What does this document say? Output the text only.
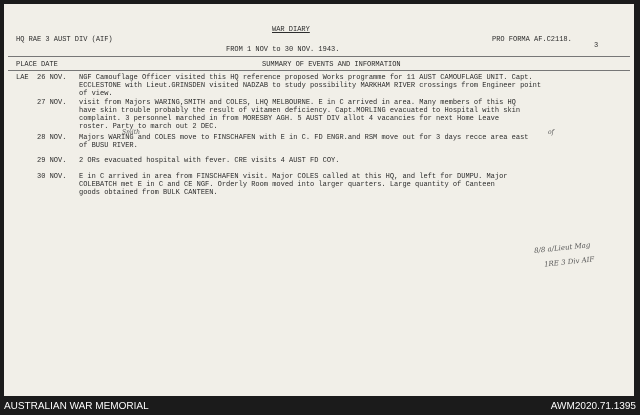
WAR DIARY
HQ RAE 3 AUST DIV (AIF)	PRO FORMA AF.C2118.
3
FROM 1 NOV to 30 NOV. 1943.
PLACE DATE	SUMMARY OF EVENTS AND INFORMATION
LAE	26 NOV.	NGF Camouflage Officer visited this HQ reference proposed Works programme for 11 AUST CAMOUFLAGE UNIT. Capt.
ECCLESTONE with Lieut.GRINSDEN visited NADZAB to study possibility MARKHAM RIVER crossings from Engineer point
of view.
27 NOV.	visit from Majors WARING,SMITH and COLES, LHQ MELBOURNE. E in C arrived in area. Many members of this HQ
have skin trouble probably the result of vitamen deficiency. Capt.MORLING evacuated to Hospital with skin
complaint. 3 personnel marched in from MORESBY AGH. 5 AUST DIV allot 4 vacancies for next Home Leave
roster. Party to march out 2 DEC.
28 NOV.	Majors WARING and COLES move to FINSCHAFEN with E in C. FD ENGR.and RSM move out for 3 days recce area east
of BUSU RIVER.
29 NOV.	2 ORs evacuated hospital with fever. CRE visits 4 AUST FD COY.
30 NOV.	E in C arrived in area from FINSCHAFEN visit. Major COLES called at this HQ, and left for DUMPU. Major
COLEBATCH met E in C and CE NGF. Orderly Room moved into larger quarters. Large quantity of Canteen
goods obtained from BULK CANTEEN.
Smith	of
8/8 a/Lieut Mag
1RE 3 Div AIF
AUSTRALIAN WAR MEMORIAL	AWM2020.71.1395
